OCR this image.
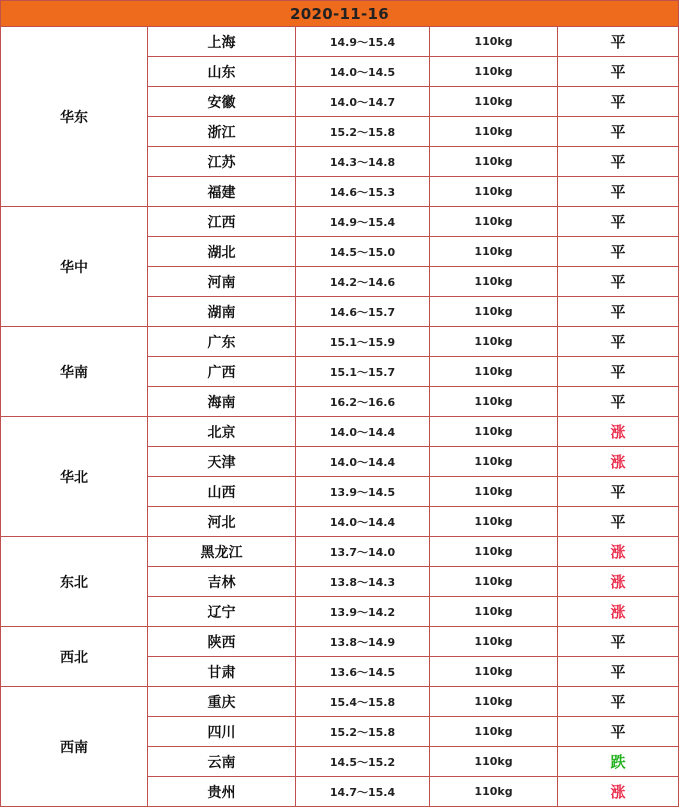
2020-11-16				
华东	上海	14.9～15.4	110kg	平
	山东	14.0～14.5	110kg	平
	安徽	14.0～14.7	110kg	平
	浙江	15.2～15.8	110kg	平
	江苏	14.3～14.8	110kg	平
	福建	14.6～15.3	110kg	平
华中	江西	14.9～15.4	110kg	平
	湖北	14.5～15.0	110kg	平
	河南	14.2～14.6	110kg	平
	湖南	14.6～15.7	110kg	平
华南	广东	15.1～15.9	110kg	平
	广西	15.1～15.7	110kg	平
	海南	16.2～16.6	110kg	平
华北	北京	14.0～14.4	110kg	涨
	天津	14.0～14.4	110kg	涨
	山西	13.9～14.5	110kg	平
	河北	14.0～14.4	110kg	平
东北	黑龙江	13.7～14.0	110kg	涨
	吉林	13.8～14.3	110kg	涨
	辽宁	13.9～14.2	110kg	涨
西北	陕西	13.8～14.9	110kg	平
	甘肃	13.6～14.5	110kg	平
西南	重庆	15.4～15.8	110kg	平
	四川	15.2～15.8	110kg	平
	云南	14.5～15.2	110kg	跌
	贵州	14.7～15.4	110kg	涨
